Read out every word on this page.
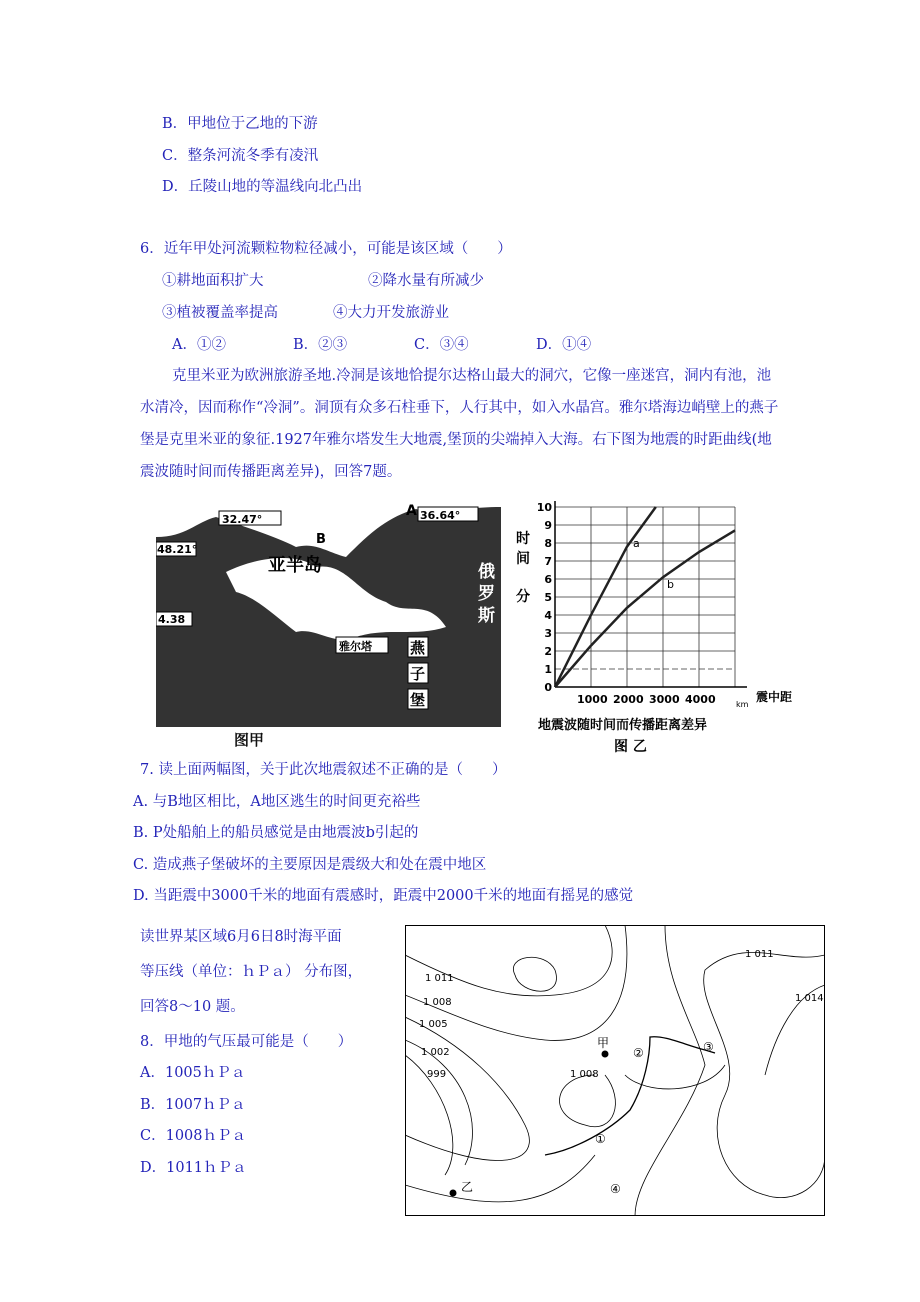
B．甲地位于乙地的下游
C．整条河流冬季有凌汛
D．丘陵山地的等温线向北凸出
6．近年甲处河流颗粒物粒径减小，可能是该区域（　　）
①耕地面积扩大	②降水量有所减少
③植被覆盖率提高	④大力开发旅游业
A．①②	B．②③	C．③④	D．①④
克里米亚为欧洲旅游圣地.冷洞是该地恰提尔达格山最大的洞穴，它像一座迷宫，洞内有池，池水清冷，因而称作“冷洞”。洞顶有众多石柱垂下，人行其中，如入水晶宫。雅尔塔海边峭壁上的燕子堡是克里米亚的象征.1927年雅尔塔发生大地震,堡顶的尖端掉入大海。右下图为地震的时距曲线(地震波随时间而传播距离差异)，回答7题。
32.47°
A 36.64°
48.21°
B
亚半岛	俄
罗
斯
4.38
雅尔塔	燕
子
堡
图甲
0
1
2
3
4
5
6
7
8
9
10
1000 2000 3000 4000
a
b
时
间
分
震中距
km
地震波随时间而传播距离差异
图 乙
7. 读上面两幅图，关于此次地震叙述不正确的是（　　）
A. 与B地区相比，A地区逃生的时间更充裕些
B. P处船舶上的船员感觉是由地震波b引起的
C. 造成燕子堡破坏的主要原因是震级大和处在震中地区
D. 当距震中3000千米的地面有震感时，距震中2000千米的地面有摇晃的感觉
读世界某区域6月6日8时海平面
等压线（单位：ｈＰａ） 分布图，
回答8～10 题。
8．甲地的气压最可能是（　　）
A．1005ｈＰａ
B．1007ｈＰａ
C．1008ｈＰａ
D．1011ｈＰａ
1 011
1 008
1 005
1 002
999	1 008
1 011
1 014
甲
乙
②	③
①
④
